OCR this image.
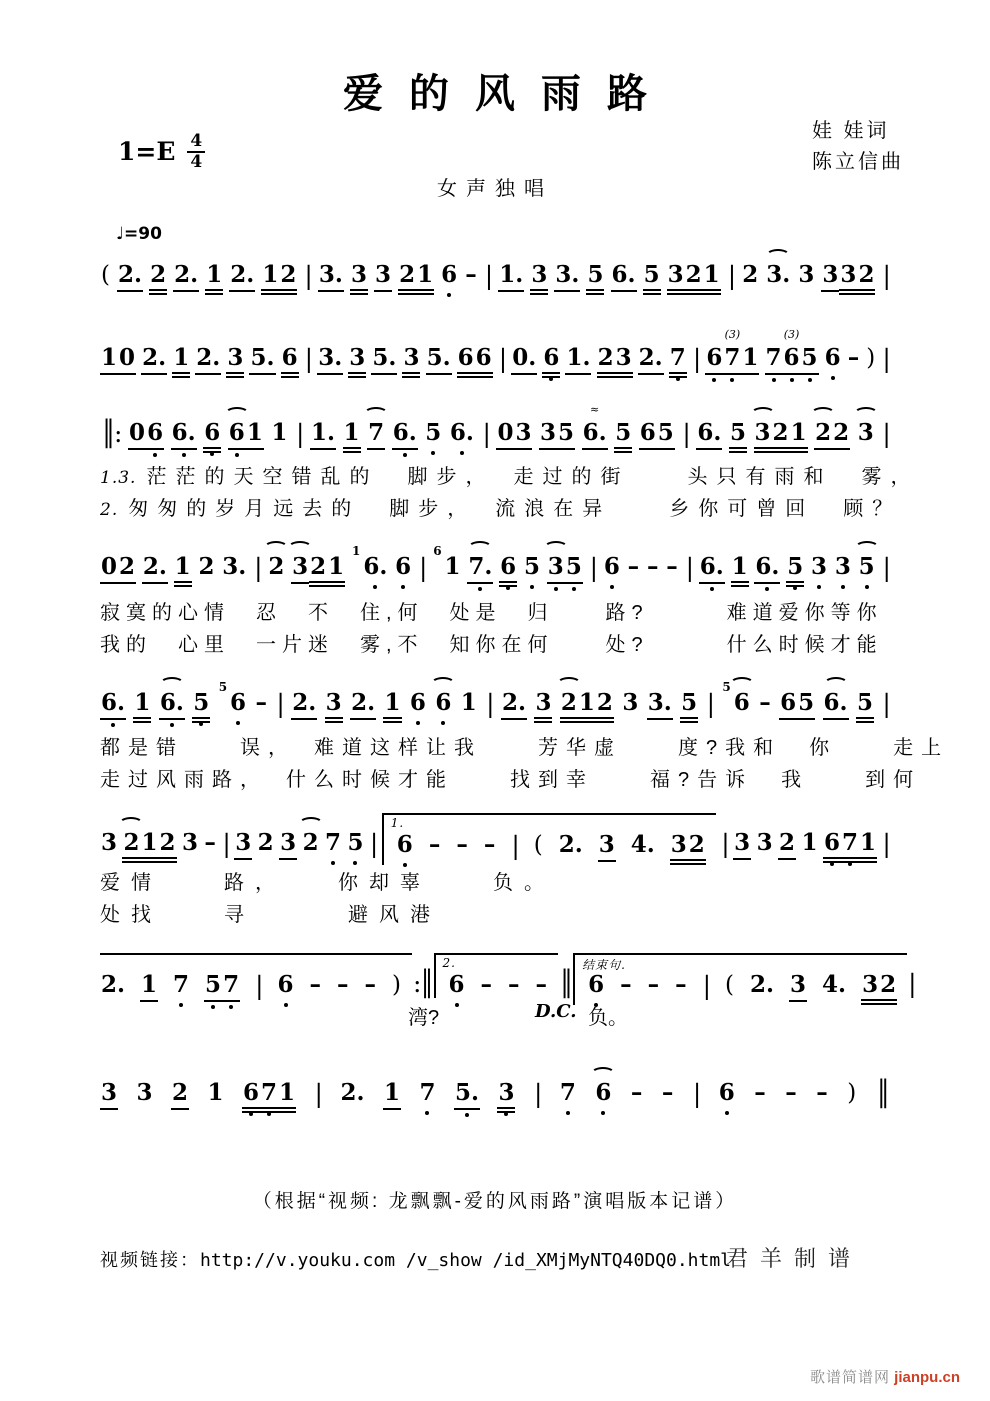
爱的风雨路
$1=E \frac{4}{4}$
娃 娃词
陈立信曲
女声独唱
♩=90
( 2. 2 2. 1 2. 1 2 | 3. 3 3 2 1 6 – | 1. 3 3. 5 6. 5 3 2 1 | 2 3. 3 3 3 2 |
1 0 2. 1 2. 3 5. 6 | 3. 3 5. 3 5. 6 6 | 0. 6 1. 2 3 2. 7 | 6 7
(3)
1 7 6
(3)
5 6 – ) |
║: 0 6 6. 6 6 1 1 | 1. 1 7 6. 5 6. | 0 3 3 5 6.
≈
5 6 5 | 6. 5 3 2 1 2 2 3 |
1.3. 茫茫的天空错乱的　脚步，　走过的街　　头只有雨和　雾，
2. 匆匆的岁月远去的　脚步，　流浪在异　　乡你可曾回　顾？
0 2 2. 1 2 3. | 2 3 2 1
1
6. 6 |
6
1 7. 6 5 3 5 | 6 – – – | 6. 1 6. 5 3 3 5 |
寂寞的心情　忍　不　住,何　处是　归　　路?　　　难道爱你等你
我的　心里　一片迷　雾,不　知你在何　　处?　　　什么时候才能
6. 1 6. 5
5
6 – | 2. 3 2. 1 6 6 1 | 2. 3 2 1 2 3 3. 5 |
5
6 – 6 5 6. 5 |
都是错　　误，　难道这样让我　　芳华虚　　度?我和　你　　走上
走过风雨路，　什么时候才能　　找到幸　　福?告诉　我　　到何
3 2 1 2 3 – | 3 2 3 2 7 5 | 1. 6 – – – | ( 2. 3 4. 3 2 | 3 3 2 1 6 7 1 |
爱情　　路，　　你却辜　　负。
处找　　寻　　　避风港
2. 1 7 5 7 | 6 – – – ) :║ 2. 6 – – – ║ 结束句. 6 – – – | ( 2. 3 4. 3 2 |
湾?	D.C. 负。
3 3 2 1 6 7 1 | 2. 1 7 5. 3 | 7 6 – – | 6 – – – ) ║
（根据“视频: 龙飘飘-爱的风雨路”演唱版本记谱）
视频链接：http://v.youku.com /v_show /id_XMjMyNTQ40DQ0.html
君羊制谱
歌谱简谱网 jianpu.cn
